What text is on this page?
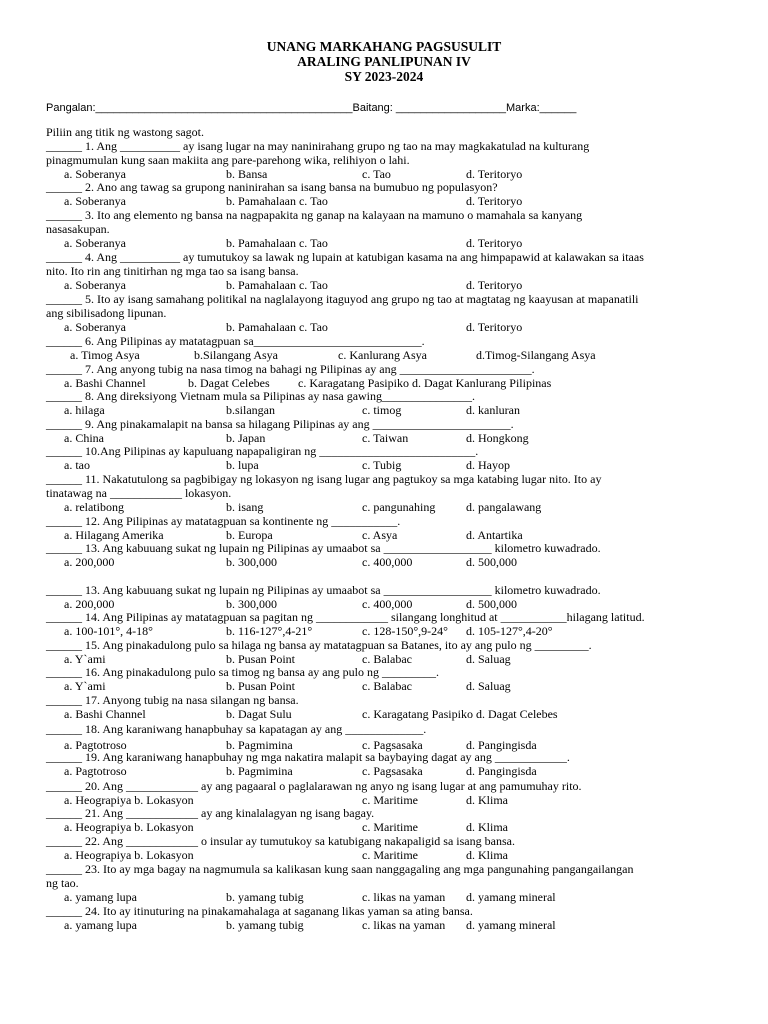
UNANG MARKAHANG PAGSUSULIT
ARALING PANLIPUNAN IV
SY 2023-2024
Pangalan:__________________________________________Baitang: __________________Marka:______
Piliin ang titik ng wastong sagot.
______ 1. Ang __________ ay isang lugar na may naninirahang grupo ng tao na may magkakatulad na kulturang
pinagmumulan kung saan makiita ang pare-parehong wika, relihiyon o lahi.
a. Soberanya	b. Bansa	c. Tao	d. Teritoryo
______ 2. Ano ang tawag sa grupong naninirahan sa isang bansa na bumubuo ng populasyon?
a. Soberanya	b. Pamahalaan c. Tao	d. Teritoryo
______ 3. Ito ang elemento ng bansa na nagpapakita ng ganap na kalayaan na mamuno o mamahala sa kanyang
nasasakupan.
a. Soberanya	b. Pamahalaan c. Tao	d. Teritoryo
______ 4. Ang __________ ay tumutukoy sa lawak ng lupain at katubigan kasama na ang himpapawid at kalawakan sa itaas
nito. Ito rin ang tinitirhan ng mga tao sa isang bansa.
a. Soberanya	b. Pamahalaan c. Tao	d. Teritoryo
______ 5. Ito ay isang samahang politikal na naglalayong itaguyod ang grupo ng tao at magtatag ng kaayusan at mapanatili
ang sibilisadong lipunan.
a. Soberanya	b. Pamahalaan c. Tao	d. Teritoryo
______ 6. Ang Pilipinas ay matatagpuan sa____________________________.
a. Timog Asya	b.Silangang Asya	c. Kanlurang Asya	d.Timog-Silangang Asya
______ 7. Ang anyong tubig na nasa timog na bahagi ng Pilipinas ay ang ______________________.
a. Bashi Channel	b. Dagat Celebes c. Karagatang Pasipiko d. Dagat Kanlurang Pilipinas
______ 8. Ang direksiyong Vietnam mula sa Pilipinas ay nasa gawing_______________.
a. hilaga	b.silangan	c. timog	d. kanluran
______ 9. Ang pinakamalapit na bansa sa hilagang Pilipinas ay ang _______________________.
a. China	b. Japan	c. Taiwan	d. Hongkong
______ 10.Ang Pilipinas ay kapuluang napapaligiran ng __________________________.
a. tao	b. lupa	c. Tubig	d. Hayop
______ 11. Nakatutulong sa pagbibigay ng lokasyon ng isang lugar ang pagtukoy sa mga katabing lugar nito. Ito ay
tinatawag na ____________ lokasyon.
a. relatibong	b. isang	c. pangunahing	d. pangalawang
______ 12. Ang Pilipinas ay matatagpuan sa kontinente ng ___________.
a. Hilagang Amerika	b. Europa	c. Asya	d. Antartika
______ 13. Ang kabuuang sukat ng lupain ng Pilipinas ay umaabot sa __________________ kilometro kuwadrado.
a. 200,000	b. 300,000	c. 400,000	d. 500,000
______ 13. Ang kabuuang sukat ng lupain ng Pilipinas ay umaabot sa __________________ kilometro kuwadrado.
a. 200,000	b. 300,000	c. 400,000	d. 500,000
______ 14. Ang Pilipinas ay matatagpuan sa pagitan ng ____________ silangang longhitud at ___________hilagang latitud.
a. 100-101°, 4-18°	b. 116-127°,4-21°	c. 128-150°,9-24° d. 105-127°,4-20°
______ 15. Ang pinakadulong pulo sa hilaga ng bansa ay matatagpuan sa Batanes, ito ay ang pulo ng _________.
a. Y`ami	b. Pusan Point	c. Balabac	d. Saluag
______ 16. Ang pinakadulong pulo sa timog ng bansa ay ang pulo ng _________.
a. Y`ami	b. Pusan Point	c. Balabac	d. Saluag
______ 17. Anyong tubig na nasa silangan ng bansa.
a. Bashi Channel	b. Dagat Sulu	c. Karagatang Pasipiko d. Dagat Celebes
______ 18. Ang karaniwang hanapbuhay sa kapatagan ay ang _____________.
a. Pagtotroso	b. Pagmimina	c. Pagsasaka	d. Pangingisda
______ 19. Ang karaniwang hanapbuhay ng mga nakatira malapit sa baybaying dagat ay ang ____________.
a. Pagtotroso	b. Pagmimina	c. Pagsasaka	d. Pangingisda
______ 20. Ang ____________ ay ang pagaaral o paglalarawan ng anyo ng isang lugar at ang pamumuhay rito.
a. Heograpiya b. Lokasyon	c. Maritime	d. Klima
______ 21. Ang ____________ ay ang kinalalagyan ng isang bagay.
a. Heograpiya b. Lokasyon	c. Maritime	d. Klima
______ 22. Ang ____________ o insular ay tumutukoy sa katubigang nakapaligid sa isang bansa.
a. Heograpiya b. Lokasyon	c. Maritime	d. Klima
______ 23. Ito ay mga bagay na nagmumula sa kalikasan kung saan nanggagaling ang mga pangunahing pangangailangan
ng tao.
a. yamang lupa	b. yamang tubig	c. likas na yaman d. yamang mineral
______ 24. Ito ay itinuturing na pinakamahalaga at saganang likas yaman sa ating bansa.
a. yamang lupa	b. yamang tubig	c. likas na yaman d. yamang mineral
